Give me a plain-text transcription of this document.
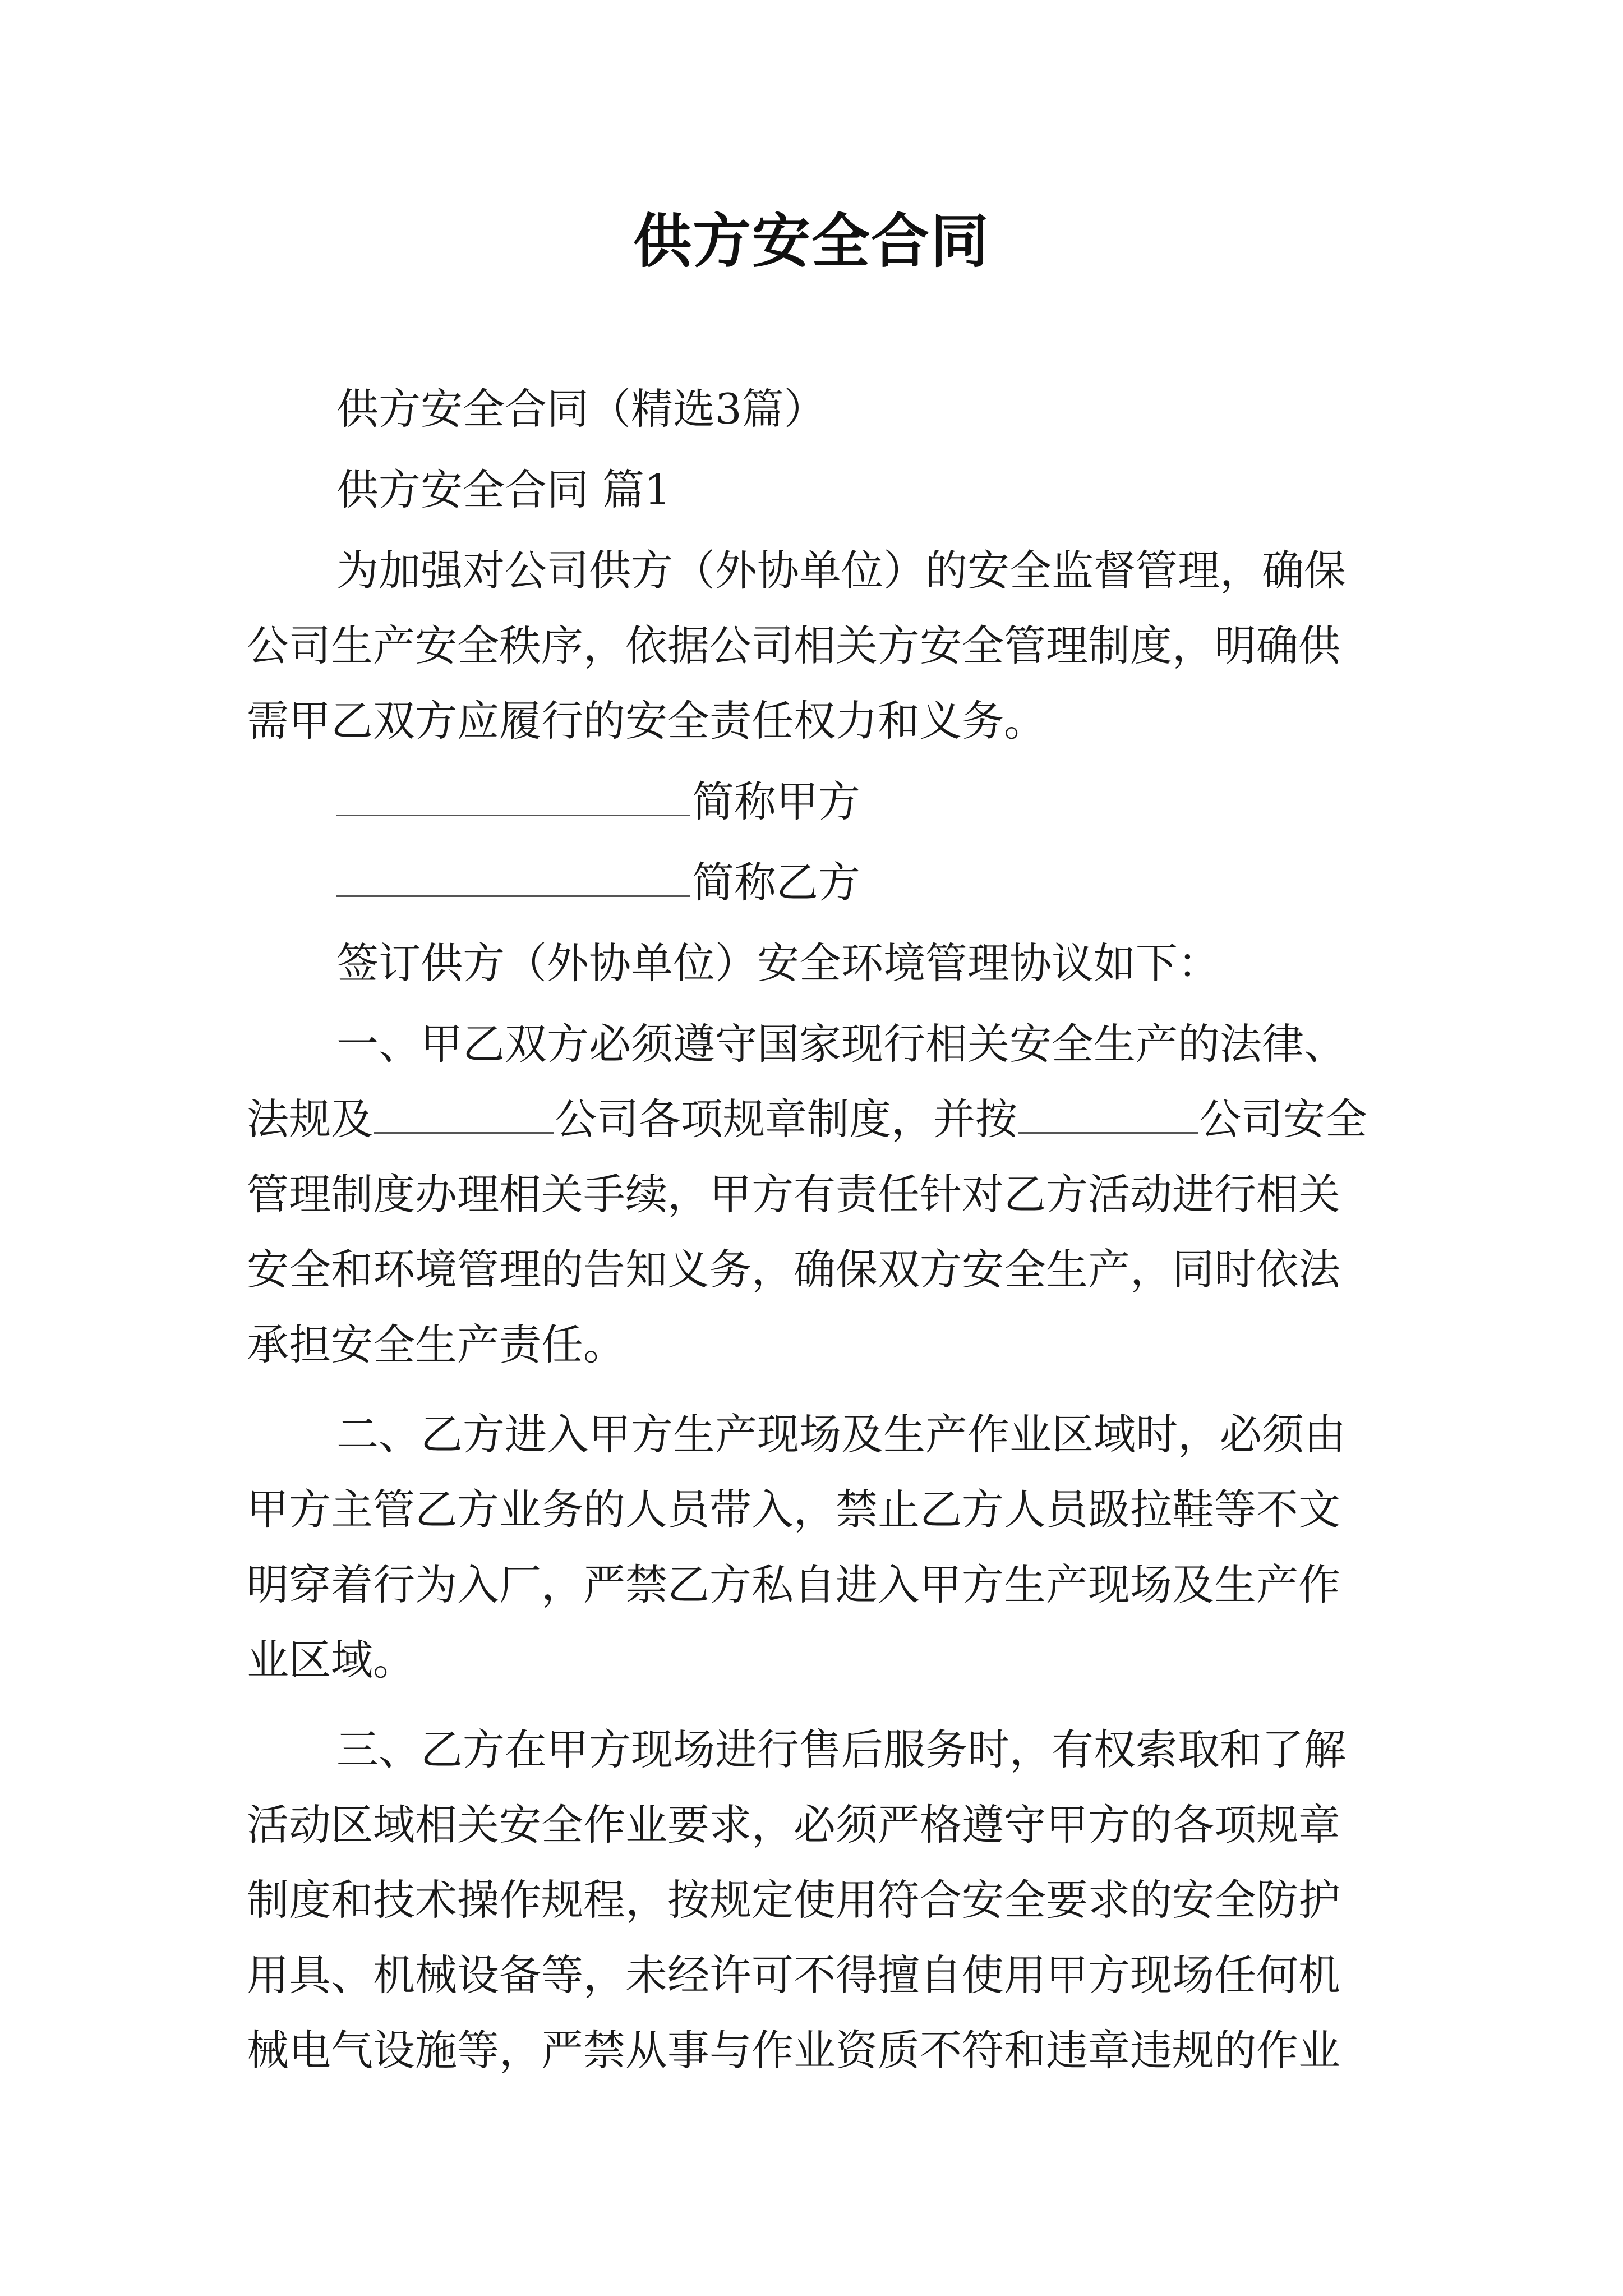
供方安全合同

供方安全合同（精选3篇）

供方安全合同 篇1

为加强对公司供方（外协单位）的安全监督管理，确保公司生产安全秩序，依据公司相关方安全管理制度，明确供需甲乙双方应履行的安全责任权力和义务。

简称甲方

简称乙方

签订供方（外协单位）安全环境管理协议如下：

一、甲乙双方必须遵守国家现行相关安全生产的法律、法规及	公司各项规章制度，并按	公司安全管理制度办理相关手续，甲方有责任针对乙方活动进行相关安全和环境管理的告知义务，确保双方安全生产，同时依法承担安全生产责任。

二、乙方进入甲方生产现场及生产作业区域时，必须由甲方主管乙方业务的人员带入，禁止乙方人员趿拉鞋等不文明穿着行为入厂，严禁乙方私自进入甲方生产现场及生产作业区域。

三、乙方在甲方现场进行售后服务时，有权索取和了解活动区域相关安全作业要求，必须严格遵守甲方的各项规章制度和技术操作规程，按规定使用符合安全要求的安全防护用具、机械设备等，未经许可不得擅自使用甲方现场任何机械电气设施等，严禁从事与作业资质不符和违章违规的作业
